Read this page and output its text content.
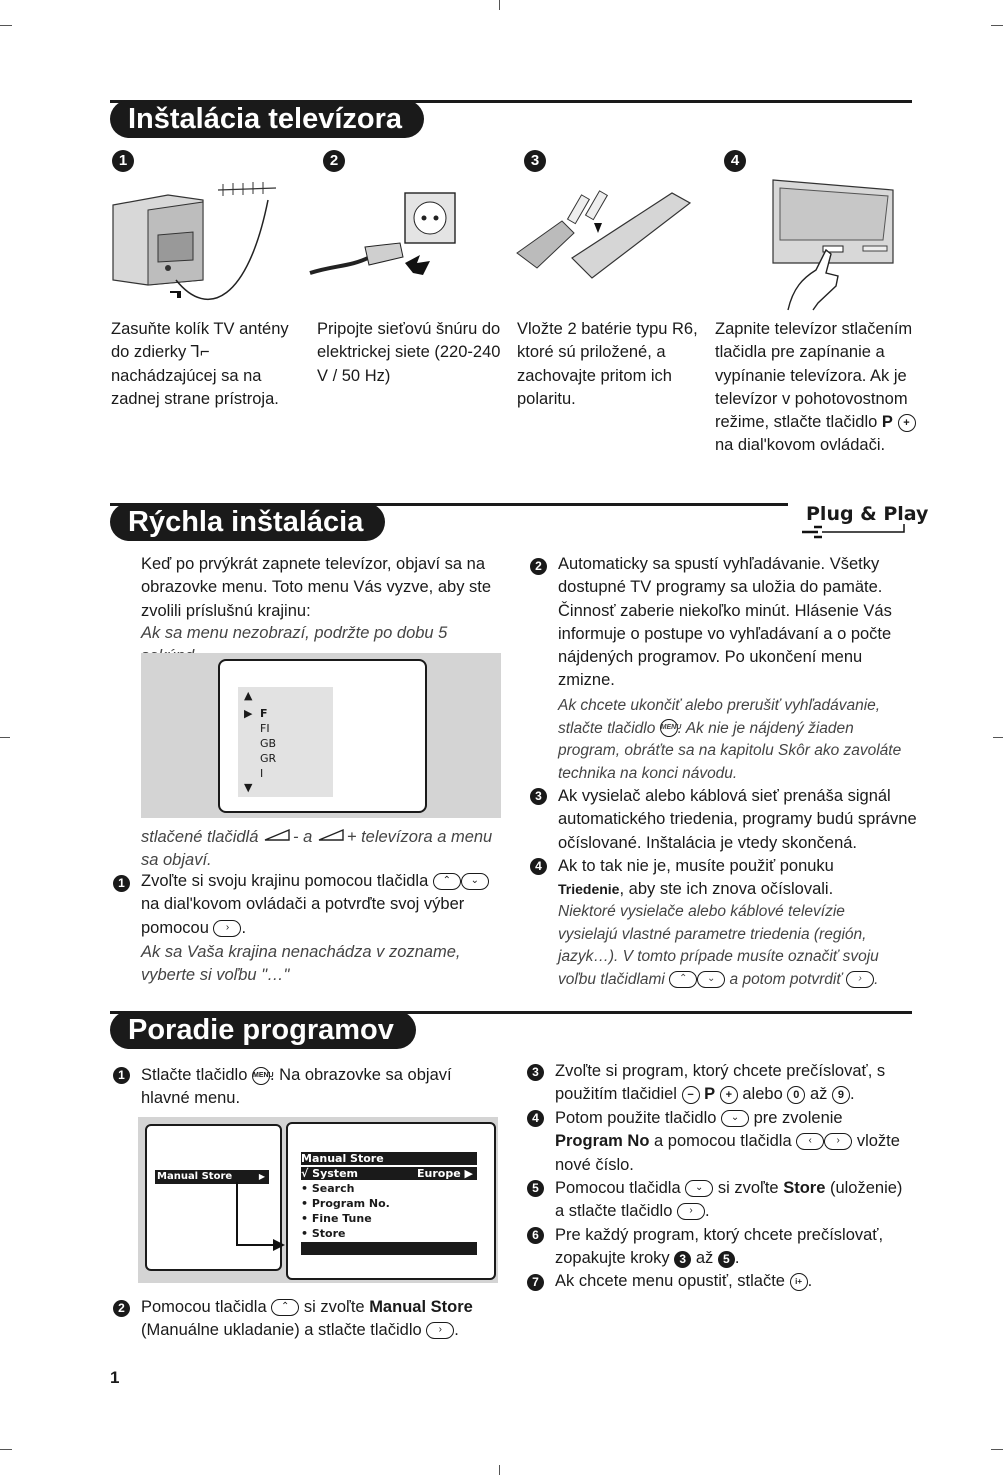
Inštalácia televízora
1	2	3	4
Zasuňte kolík TV antény do zdierky ⅂⌐ nachádzajúcej sa na zadnej strane prístroja.
Pripojte sieťovú šnúru do elektrickej siete (220-240 V / 50 Hz)
Vložte 2 batérie typu R6, ktoré sú priložené, a zachovajte pritom ich polaritu.
Zapnite televízor stlačením tlačidla pre zapínanie a vypínanie televízora. Ak je televízor v pohotovostnom režime, stlačte tlačidlo P + na dial'kovom ovládači.
Rýchla inštalácia	Plug & Play
Keď po prvýkrát zapnete televízor, objaví sa na obrazovke menu. Toto menu Vás vyzve, aby ste zvolili príslušnú krajinu:
Ak sa menu nezobrazí, podržte po dobu 5
▲
▶ F
FI
GB
GR
I
▼
stlačené tlačidlá - a + televízora a menu sa objaví.
1 Zvoľte si svoju krajinu pomocou tlačidla ⌃ ⌄ na dial'kovom ovládači a potvrďte svoj výber pomocou › .
Ak sa Vaša krajina nenachádza v zozname, vyberte si voľbu "…"
2 Automaticky sa spustí vyhľadávanie. Všetky dostupné TV programy sa uložia do pamäte. Činnosť zaberie niekoľko minút. Hlásenie Vás informuje o postupe vo vyhľadávaní a o počte nájdených programov. Po ukončení menu zmizne.
Ak chcete ukončiť alebo prerušiť vyhľadávanie, stlačte tlačidlo MENU. Ak nie je nájdený žiaden program, obráťte sa na kapitolu Skôr ako zavoláte technika na konci návodu.
3 Ak vysielač alebo káblová sieť prenáša signál automatického triedenia, programy budú správne očíslované. Inštalácia je vtedy skončená.
4 Ak to tak nie je, musíte použiť ponuku Triedenie, aby ste ich znova očíslovali.
Niektoré vysielače alebo káblové televízie vysielajú vlastné parametre triedenia (región, jazyk…). V tomto prípade musíte označiť svoju voľbu tlačidlami ⌃ ⌄ a potom potvrdiť › .
Poradie programov
1 Stlačte tlačidlo MENU. Na obrazovke sa objaví hlavné menu.
Manual Store	▶
Manual Store
√ System	Europe ▶
• Search
• Program No.
• Fine Tune
• Store
2 Pomocou tlačidla ⌃ si zvoľte Manual Store (Manuálne ukladanie) a stlačte tlačidlo › .
3 Zvoľte si program, ktorý chcete prečíslovať, s použitím tlačidiel − P + alebo 0 až 9 .
4 Potom použite tlačidlo ⌄ pre zvolenie Program No a pomocou tlačidla ‹ › vložte nové číslo.
5 Pomocou tlačidla ⌄ si zvoľte Store (uloženie) a stlačte tlačidlo › .
6 Pre každý program, ktorý chcete prečíslovať, zopakujte kroky 3 až 5 .
7 Ak chcete menu opustiť, stlačte i+ .
1
